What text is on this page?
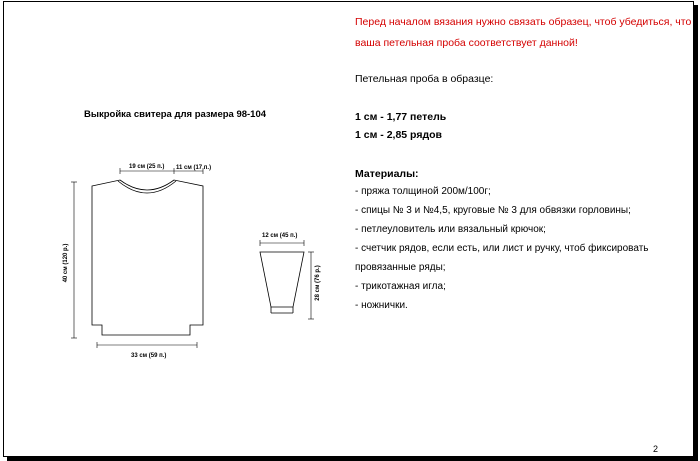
Перед началом вязания нужно связать образец, чтоб убедиться, что
ваша петельная проба соответствует данной!
Петельная проба в образце:
1 см - 1,77 петель
1 см - 2,85 рядов
Материалы:
- пряжа толщиной 200м/100г;
- спицы № 3 и №4,5, круговые № 3 для обвязки горловины;
- петлеуловитель или вязальный крючок;
- счетчик рядов, если есть, или лист и ручку, чтоб фиксировать
провязанные ряды;
- трикотажная игла;
- ножнички.
Выкройка свитера для размера 98-104
19 см (25 п.) 11 см (17 п.)
40 см (120 р.)
33 см (59 п.)
12 см (45 п.)
28 см (76 р.)
2
